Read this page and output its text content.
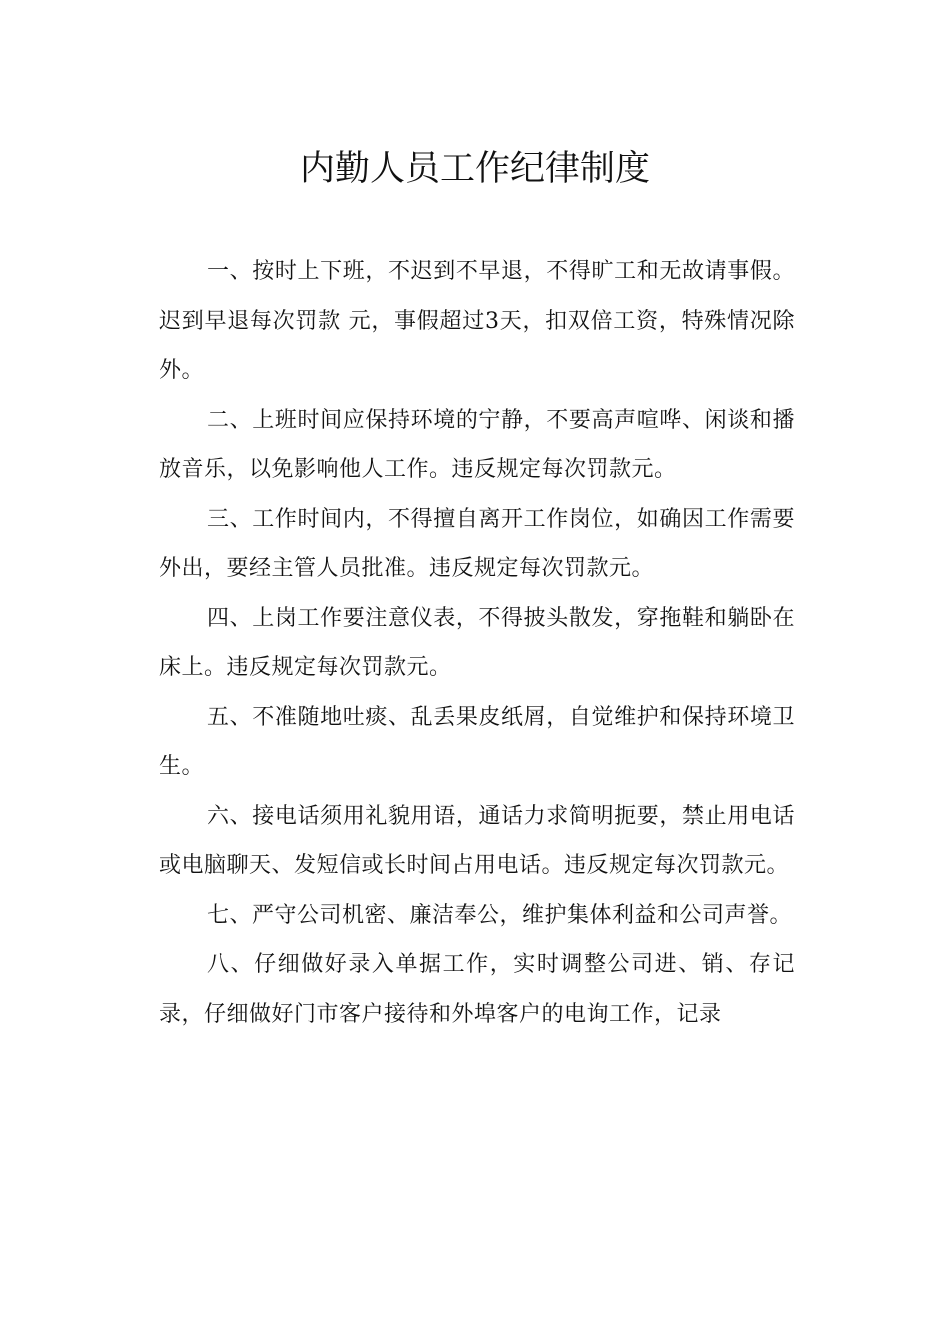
内勤人员工作纪律制度

一、按时上下班，不迟到不早退，不得旷工和无故请事假。迟到早退每次罚款 元，事假超过3天，扣双倍工资，特殊情况除外。

二、上班时间应保持环境的宁静，不要高声喧哗、闲谈和播放音乐，以免影响他人工作。违反规定每次罚款元。

三、工作时间内，不得擅自离开工作岗位，如确因工作需要外出，要经主管人员批准。违反规定每次罚款元。

四、上岗工作要注意仪表，不得披头散发，穿拖鞋和躺卧在床上。违反规定每次罚款元。

五、不准随地吐痰、乱丢果皮纸屑，自觉维护和保持环境卫生。

六、接电话须用礼貌用语，通话力求简明扼要，禁止用电话或电脑聊天、发短信或长时间占用电话。违反规定每次罚款元。

七、严守公司机密、廉洁奉公，维护集体利益和公司声誉。

八、仔细做好录入单据工作，实时调整公司进、销、存记录，仔细做好门市客户接待和外埠客户的电询工作，记录
